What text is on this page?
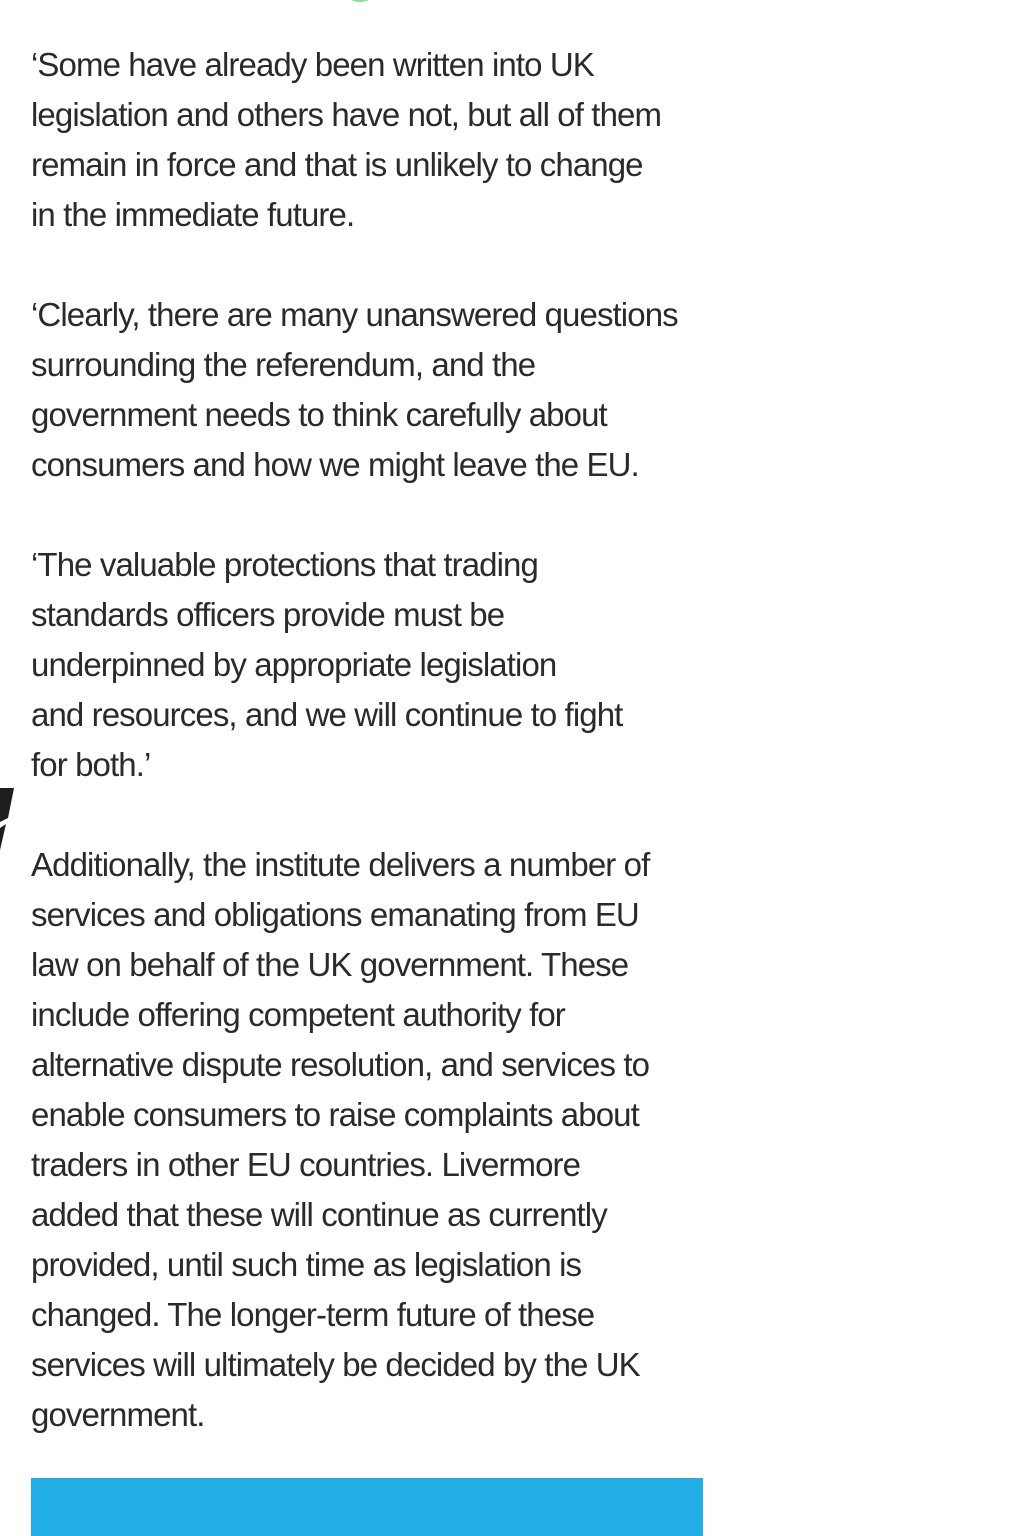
‘Some have already been written into UK
legislation and others have not, but all of them
remain in force and that is unlikely to change
in the immediate future.

‘Clearly, there are many unanswered questions
surrounding the referendum, and the
government needs to think carefully about
consumers and how we might leave the EU.

‘The valuable protections that trading
standards officers provide must be
underpinned by appropriate legislation
and resources, and we will continue to fight
for both.’

Additionally, the institute delivers a number of
services and obligations emanating from EU
law on behalf of the UK government. These
include offering competent authority for
alternative dispute resolution, and services to
enable consumers to raise complaints about
traders in other EU countries. Livermore
added that these will continue as currently
provided, until such time as legislation is
changed. The longer-term future of these
services will ultimately be decided by the UK
government.
